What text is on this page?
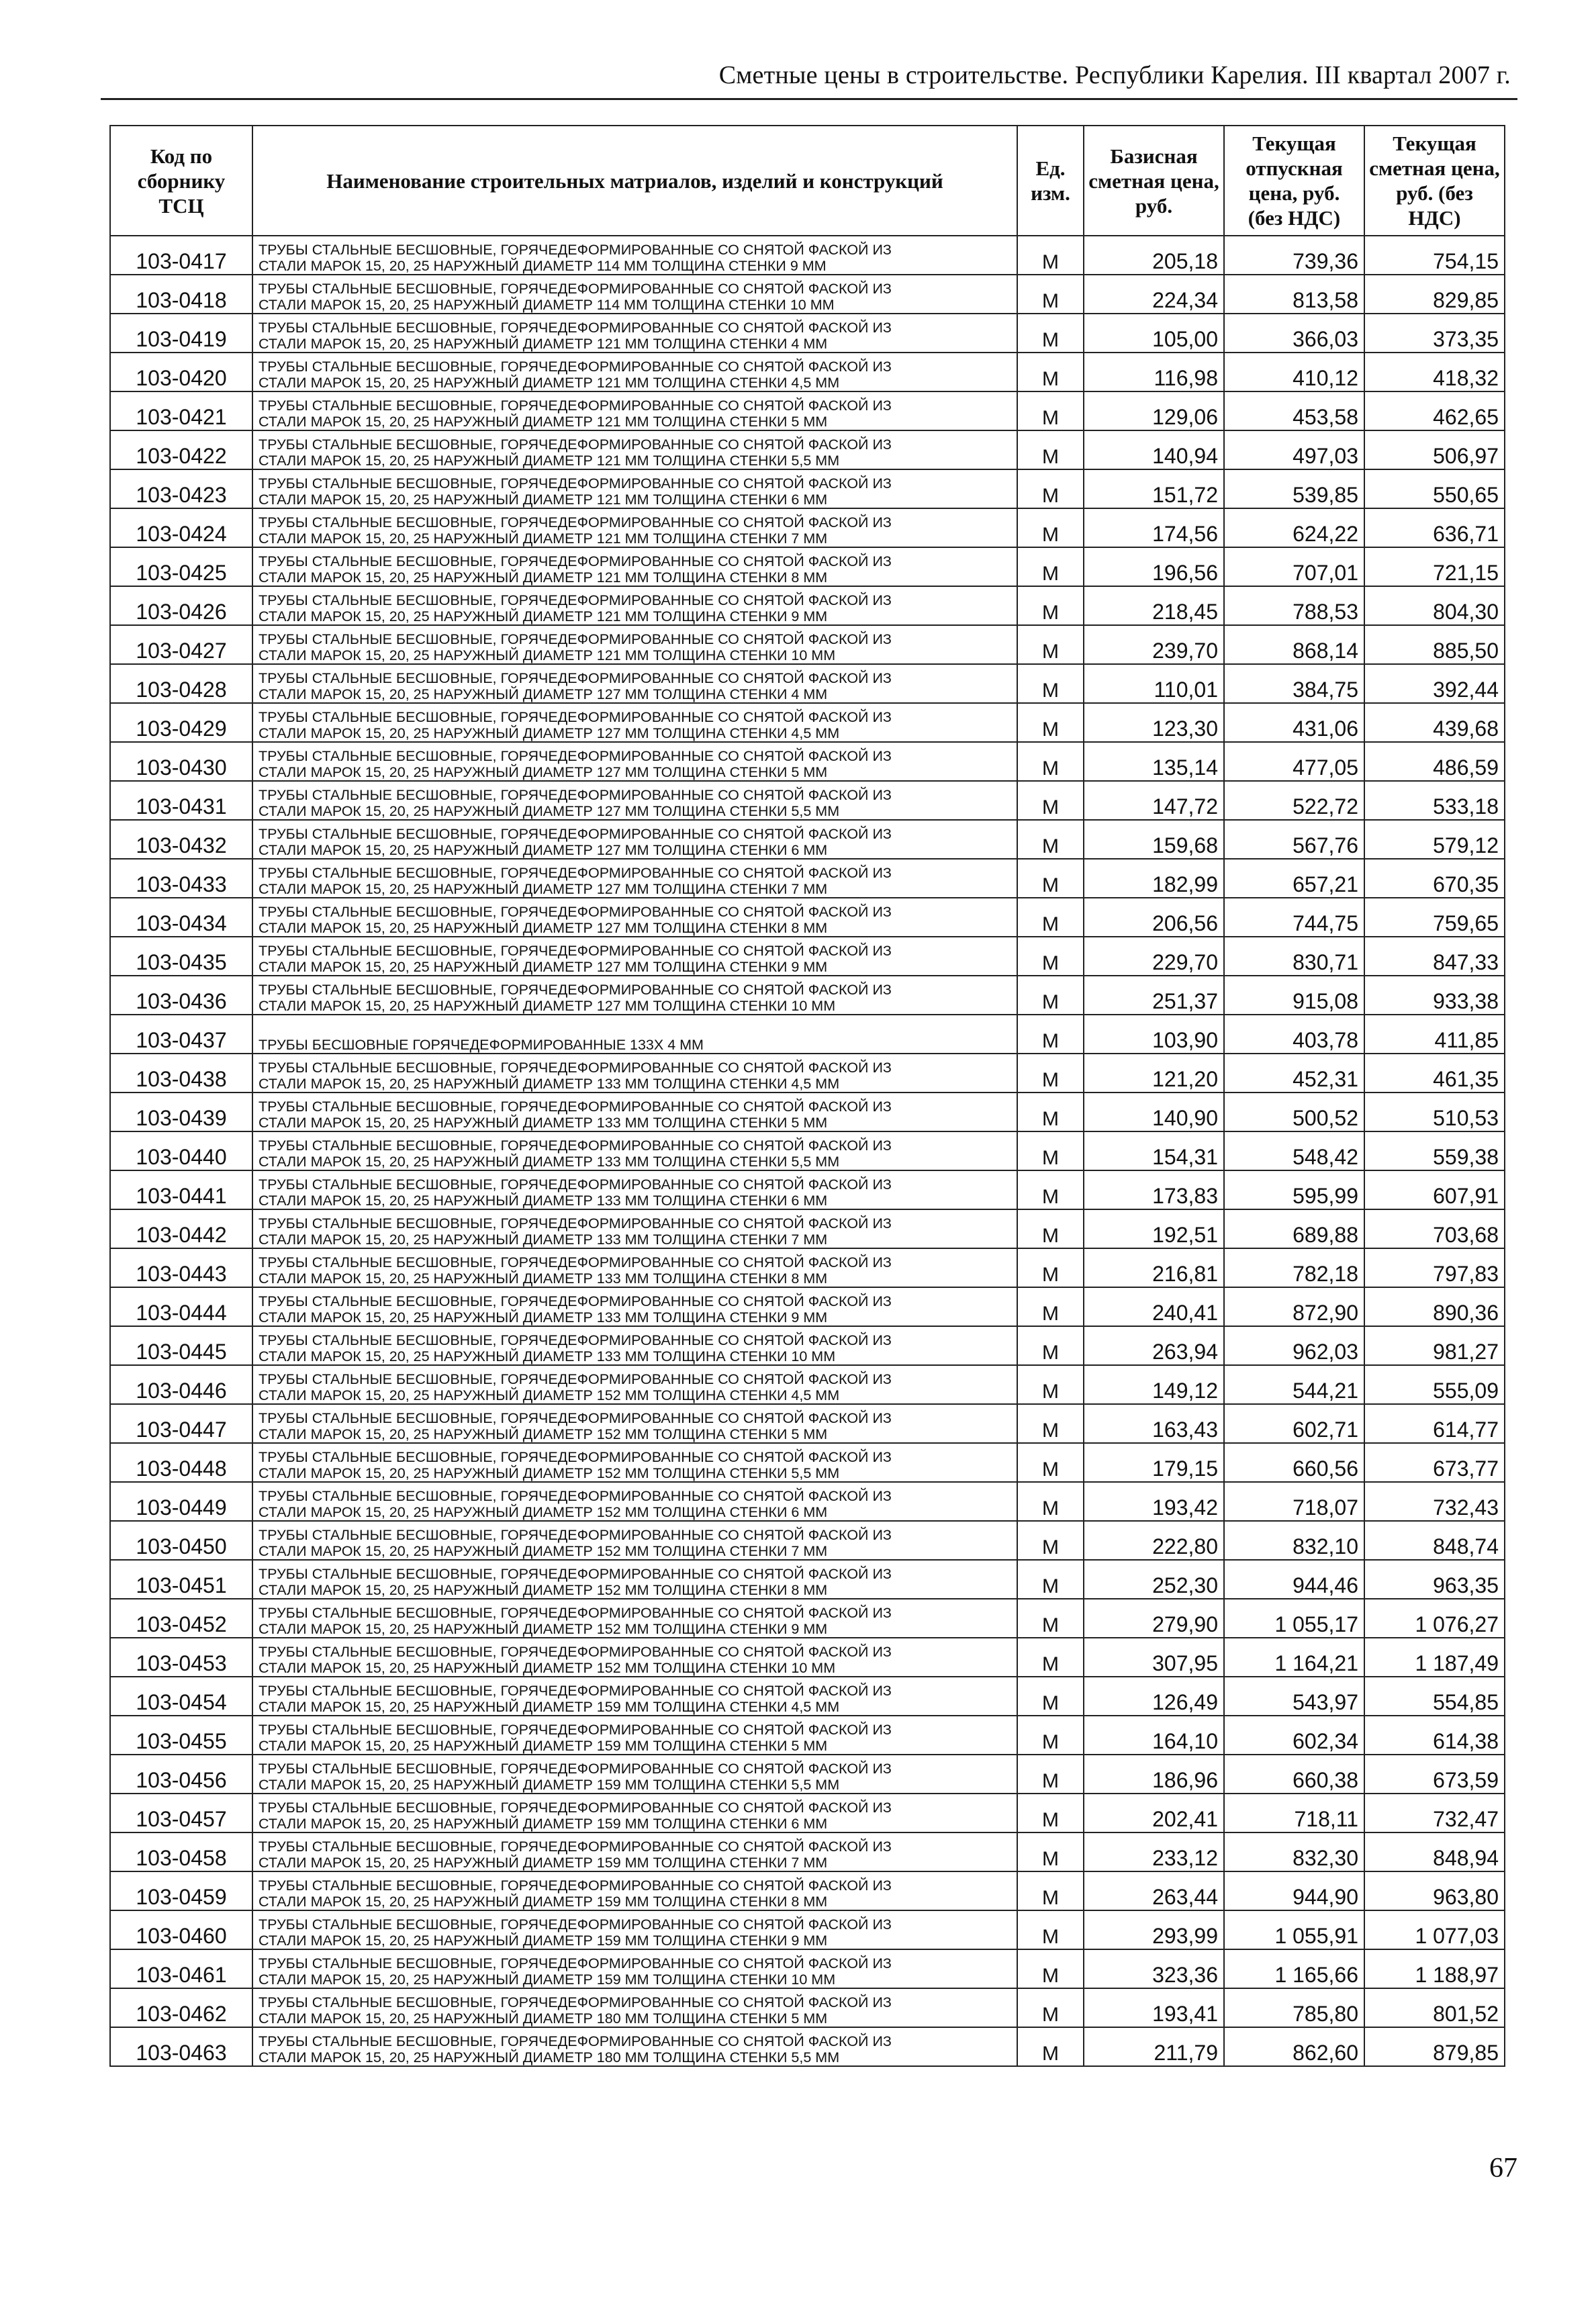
Сметные цены в строительстве. Республики Карелия. III квартал 2007 г.
Код по сборнику ТСЦ	Наименование строительных матриалов, изделий и конструкций	Ед. изм.	Базисная сметная цена, руб.	Текущая отпускная цена, руб. (без НДС)	Текущая сметная цена, руб. (без НДС)
103-0417	ТРУБЫ СТАЛЬНЫЕ БЕСШОВНЫЕ, ГОРЯЧЕДЕФОРМИРОВАННЫЕ СО СНЯТОЙ ФАСКОЙ ИЗ
СТАЛИ МАРОК 15, 20, 25 НАРУЖНЫЙ ДИАМЕТР 114 ММ ТОЛЩИНА СТЕНКИ 9 ММ	М	205,18	739,36	754,15
103-0418	ТРУБЫ СТАЛЬНЫЕ БЕСШОВНЫЕ, ГОРЯЧЕДЕФОРМИРОВАННЫЕ СО СНЯТОЙ ФАСКОЙ ИЗ
СТАЛИ МАРОК 15, 20, 25 НАРУЖНЫЙ ДИАМЕТР 114 ММ ТОЛЩИНА СТЕНКИ 10 ММ	М	224,34	813,58	829,85
103-0419	ТРУБЫ СТАЛЬНЫЕ БЕСШОВНЫЕ, ГОРЯЧЕДЕФОРМИРОВАННЫЕ СО СНЯТОЙ ФАСКОЙ ИЗ
СТАЛИ МАРОК 15, 20, 25 НАРУЖНЫЙ ДИАМЕТР 121 ММ ТОЛЩИНА СТЕНКИ 4 ММ	М	105,00	366,03	373,35
103-0420	ТРУБЫ СТАЛЬНЫЕ БЕСШОВНЫЕ, ГОРЯЧЕДЕФОРМИРОВАННЫЕ СО СНЯТОЙ ФАСКОЙ ИЗ
СТАЛИ МАРОК 15, 20, 25 НАРУЖНЫЙ ДИАМЕТР 121 ММ ТОЛЩИНА СТЕНКИ 4,5 ММ	М	116,98	410,12	418,32
103-0421	ТРУБЫ СТАЛЬНЫЕ БЕСШОВНЫЕ, ГОРЯЧЕДЕФОРМИРОВАННЫЕ СО СНЯТОЙ ФАСКОЙ ИЗ
СТАЛИ МАРОК 15, 20, 25 НАРУЖНЫЙ ДИАМЕТР 121 ММ ТОЛЩИНА СТЕНКИ 5 ММ	М	129,06	453,58	462,65
103-0422	ТРУБЫ СТАЛЬНЫЕ БЕСШОВНЫЕ, ГОРЯЧЕДЕФОРМИРОВАННЫЕ СО СНЯТОЙ ФАСКОЙ ИЗ
СТАЛИ МАРОК 15, 20, 25 НАРУЖНЫЙ ДИАМЕТР 121 ММ ТОЛЩИНА СТЕНКИ 5,5 ММ	М	140,94	497,03	506,97
103-0423	ТРУБЫ СТАЛЬНЫЕ БЕСШОВНЫЕ, ГОРЯЧЕДЕФОРМИРОВАННЫЕ СО СНЯТОЙ ФАСКОЙ ИЗ
СТАЛИ МАРОК 15, 20, 25 НАРУЖНЫЙ ДИАМЕТР 121 ММ ТОЛЩИНА СТЕНКИ 6 ММ	М	151,72	539,85	550,65
103-0424	ТРУБЫ СТАЛЬНЫЕ БЕСШОВНЫЕ, ГОРЯЧЕДЕФОРМИРОВАННЫЕ СО СНЯТОЙ ФАСКОЙ ИЗ
СТАЛИ МАРОК 15, 20, 25 НАРУЖНЫЙ ДИАМЕТР 121 ММ ТОЛЩИНА СТЕНКИ 7 ММ	М	174,56	624,22	636,71
103-0425	ТРУБЫ СТАЛЬНЫЕ БЕСШОВНЫЕ, ГОРЯЧЕДЕФОРМИРОВАННЫЕ СО СНЯТОЙ ФАСКОЙ ИЗ
СТАЛИ МАРОК 15, 20, 25 НАРУЖНЫЙ ДИАМЕТР 121 ММ ТОЛЩИНА СТЕНКИ 8 ММ	М	196,56	707,01	721,15
103-0426	ТРУБЫ СТАЛЬНЫЕ БЕСШОВНЫЕ, ГОРЯЧЕДЕФОРМИРОВАННЫЕ СО СНЯТОЙ ФАСКОЙ ИЗ
СТАЛИ МАРОК 15, 20, 25 НАРУЖНЫЙ ДИАМЕТР 121 ММ ТОЛЩИНА СТЕНКИ 9 ММ	М	218,45	788,53	804,30
103-0427	ТРУБЫ СТАЛЬНЫЕ БЕСШОВНЫЕ, ГОРЯЧЕДЕФОРМИРОВАННЫЕ СО СНЯТОЙ ФАСКОЙ ИЗ
СТАЛИ МАРОК 15, 20, 25 НАРУЖНЫЙ ДИАМЕТР 121 ММ ТОЛЩИНА СТЕНКИ 10 ММ	М	239,70	868,14	885,50
103-0428	ТРУБЫ СТАЛЬНЫЕ БЕСШОВНЫЕ, ГОРЯЧЕДЕФОРМИРОВАННЫЕ СО СНЯТОЙ ФАСКОЙ ИЗ
СТАЛИ МАРОК 15, 20, 25 НАРУЖНЫЙ ДИАМЕТР 127 ММ ТОЛЩИНА СТЕНКИ 4 ММ	М	110,01	384,75	392,44
103-0429	ТРУБЫ СТАЛЬНЫЕ БЕСШОВНЫЕ, ГОРЯЧЕДЕФОРМИРОВАННЫЕ СО СНЯТОЙ ФАСКОЙ ИЗ
СТАЛИ МАРОК 15, 20, 25 НАРУЖНЫЙ ДИАМЕТР 127 ММ ТОЛЩИНА СТЕНКИ 4,5 ММ	М	123,30	431,06	439,68
103-0430	ТРУБЫ СТАЛЬНЫЕ БЕСШОВНЫЕ, ГОРЯЧЕДЕФОРМИРОВАННЫЕ СО СНЯТОЙ ФАСКОЙ ИЗ
СТАЛИ МАРОК 15, 20, 25 НАРУЖНЫЙ ДИАМЕТР 127 ММ ТОЛЩИНА СТЕНКИ 5 ММ	М	135,14	477,05	486,59
103-0431	ТРУБЫ СТАЛЬНЫЕ БЕСШОВНЫЕ, ГОРЯЧЕДЕФОРМИРОВАННЫЕ СО СНЯТОЙ ФАСКОЙ ИЗ
СТАЛИ МАРОК 15, 20, 25 НАРУЖНЫЙ ДИАМЕТР 127 ММ ТОЛЩИНА СТЕНКИ 5,5 ММ	М	147,72	522,72	533,18
103-0432	ТРУБЫ СТАЛЬНЫЕ БЕСШОВНЫЕ, ГОРЯЧЕДЕФОРМИРОВАННЫЕ СО СНЯТОЙ ФАСКОЙ ИЗ
СТАЛИ МАРОК 15, 20, 25 НАРУЖНЫЙ ДИАМЕТР 127 ММ ТОЛЩИНА СТЕНКИ 6 ММ	М	159,68	567,76	579,12
103-0433	ТРУБЫ СТАЛЬНЫЕ БЕСШОВНЫЕ, ГОРЯЧЕДЕФОРМИРОВАННЫЕ СО СНЯТОЙ ФАСКОЙ ИЗ
СТАЛИ МАРОК 15, 20, 25 НАРУЖНЫЙ ДИАМЕТР 127 ММ ТОЛЩИНА СТЕНКИ 7 ММ	М	182,99	657,21	670,35
103-0434	ТРУБЫ СТАЛЬНЫЕ БЕСШОВНЫЕ, ГОРЯЧЕДЕФОРМИРОВАННЫЕ СО СНЯТОЙ ФАСКОЙ ИЗ
СТАЛИ МАРОК 15, 20, 25 НАРУЖНЫЙ ДИАМЕТР 127 ММ ТОЛЩИНА СТЕНКИ 8 ММ	М	206,56	744,75	759,65
103-0435	ТРУБЫ СТАЛЬНЫЕ БЕСШОВНЫЕ, ГОРЯЧЕДЕФОРМИРОВАННЫЕ СО СНЯТОЙ ФАСКОЙ ИЗ
СТАЛИ МАРОК 15, 20, 25 НАРУЖНЫЙ ДИАМЕТР 127 ММ ТОЛЩИНА СТЕНКИ 9 ММ	М	229,70	830,71	847,33
103-0436	ТРУБЫ СТАЛЬНЫЕ БЕСШОВНЫЕ, ГОРЯЧЕДЕФОРМИРОВАННЫЕ СО СНЯТОЙ ФАСКОЙ ИЗ
СТАЛИ МАРОК 15, 20, 25 НАРУЖНЫЙ ДИАМЕТР 127 ММ ТОЛЩИНА СТЕНКИ 10 ММ	М	251,37	915,08	933,38
103-0437	ТРУБЫ БЕСШОВНЫЕ ГОРЯЧЕДЕФОРМИРОВАННЫЕ 133Х 4 ММ	М	103,90	403,78	411,85
103-0438	ТРУБЫ СТАЛЬНЫЕ БЕСШОВНЫЕ, ГОРЯЧЕДЕФОРМИРОВАННЫЕ СО СНЯТОЙ ФАСКОЙ ИЗ
СТАЛИ МАРОК 15, 20, 25 НАРУЖНЫЙ ДИАМЕТР 133 ММ ТОЛЩИНА СТЕНКИ 4,5 ММ	М	121,20	452,31	461,35
103-0439	ТРУБЫ СТАЛЬНЫЕ БЕСШОВНЫЕ, ГОРЯЧЕДЕФОРМИРОВАННЫЕ СО СНЯТОЙ ФАСКОЙ ИЗ
СТАЛИ МАРОК 15, 20, 25 НАРУЖНЫЙ ДИАМЕТР 133 ММ ТОЛЩИНА СТЕНКИ 5 ММ	М	140,90	500,52	510,53
103-0440	ТРУБЫ СТАЛЬНЫЕ БЕСШОВНЫЕ, ГОРЯЧЕДЕФОРМИРОВАННЫЕ СО СНЯТОЙ ФАСКОЙ ИЗ
СТАЛИ МАРОК 15, 20, 25 НАРУЖНЫЙ ДИАМЕТР 133 ММ ТОЛЩИНА СТЕНКИ 5,5 ММ	М	154,31	548,42	559,38
103-0441	ТРУБЫ СТАЛЬНЫЕ БЕСШОВНЫЕ, ГОРЯЧЕДЕФОРМИРОВАННЫЕ СО СНЯТОЙ ФАСКОЙ ИЗ
СТАЛИ МАРОК 15, 20, 25 НАРУЖНЫЙ ДИАМЕТР 133 ММ ТОЛЩИНА СТЕНКИ 6 ММ	М	173,83	595,99	607,91
103-0442	ТРУБЫ СТАЛЬНЫЕ БЕСШОВНЫЕ, ГОРЯЧЕДЕФОРМИРОВАННЫЕ СО СНЯТОЙ ФАСКОЙ ИЗ
СТАЛИ МАРОК 15, 20, 25 НАРУЖНЫЙ ДИАМЕТР 133 ММ ТОЛЩИНА СТЕНКИ 7 ММ	М	192,51	689,88	703,68
103-0443	ТРУБЫ СТАЛЬНЫЕ БЕСШОВНЫЕ, ГОРЯЧЕДЕФОРМИРОВАННЫЕ СО СНЯТОЙ ФАСКОЙ ИЗ
СТАЛИ МАРОК 15, 20, 25 НАРУЖНЫЙ ДИАМЕТР 133 ММ ТОЛЩИНА СТЕНКИ 8 ММ	М	216,81	782,18	797,83
103-0444	ТРУБЫ СТАЛЬНЫЕ БЕСШОВНЫЕ, ГОРЯЧЕДЕФОРМИРОВАННЫЕ СО СНЯТОЙ ФАСКОЙ ИЗ
СТАЛИ МАРОК 15, 20, 25 НАРУЖНЫЙ ДИАМЕТР 133 ММ ТОЛЩИНА СТЕНКИ 9 ММ	М	240,41	872,90	890,36
103-0445	ТРУБЫ СТАЛЬНЫЕ БЕСШОВНЫЕ, ГОРЯЧЕДЕФОРМИРОВАННЫЕ СО СНЯТОЙ ФАСКОЙ ИЗ
СТАЛИ МАРОК 15, 20, 25 НАРУЖНЫЙ ДИАМЕТР 133 ММ ТОЛЩИНА СТЕНКИ 10 ММ	М	263,94	962,03	981,27
103-0446	ТРУБЫ СТАЛЬНЫЕ БЕСШОВНЫЕ, ГОРЯЧЕДЕФОРМИРОВАННЫЕ СО СНЯТОЙ ФАСКОЙ ИЗ
СТАЛИ МАРОК 15, 20, 25 НАРУЖНЫЙ ДИАМЕТР 152 ММ ТОЛЩИНА СТЕНКИ 4,5 ММ	М	149,12	544,21	555,09
103-0447	ТРУБЫ СТАЛЬНЫЕ БЕСШОВНЫЕ, ГОРЯЧЕДЕФОРМИРОВАННЫЕ СО СНЯТОЙ ФАСКОЙ ИЗ
СТАЛИ МАРОК 15, 20, 25 НАРУЖНЫЙ ДИАМЕТР 152 ММ ТОЛЩИНА СТЕНКИ 5 ММ	М	163,43	602,71	614,77
103-0448	ТРУБЫ СТАЛЬНЫЕ БЕСШОВНЫЕ, ГОРЯЧЕДЕФОРМИРОВАННЫЕ СО СНЯТОЙ ФАСКОЙ ИЗ
СТАЛИ МАРОК 15, 20, 25 НАРУЖНЫЙ ДИАМЕТР 152 ММ ТОЛЩИНА СТЕНКИ 5,5 ММ	М	179,15	660,56	673,77
103-0449	ТРУБЫ СТАЛЬНЫЕ БЕСШОВНЫЕ, ГОРЯЧЕДЕФОРМИРОВАННЫЕ СО СНЯТОЙ ФАСКОЙ ИЗ
СТАЛИ МАРОК 15, 20, 25 НАРУЖНЫЙ ДИАМЕТР 152 ММ ТОЛЩИНА СТЕНКИ 6 ММ	М	193,42	718,07	732,43
103-0450	ТРУБЫ СТАЛЬНЫЕ БЕСШОВНЫЕ, ГОРЯЧЕДЕФОРМИРОВАННЫЕ СО СНЯТОЙ ФАСКОЙ ИЗ
СТАЛИ МАРОК 15, 20, 25 НАРУЖНЫЙ ДИАМЕТР 152 ММ ТОЛЩИНА СТЕНКИ 7 ММ	М	222,80	832,10	848,74
103-0451	ТРУБЫ СТАЛЬНЫЕ БЕСШОВНЫЕ, ГОРЯЧЕДЕФОРМИРОВАННЫЕ СО СНЯТОЙ ФАСКОЙ ИЗ
СТАЛИ МАРОК 15, 20, 25 НАРУЖНЫЙ ДИАМЕТР 152 ММ ТОЛЩИНА СТЕНКИ 8 ММ	М	252,30	944,46	963,35
103-0452	ТРУБЫ СТАЛЬНЫЕ БЕСШОВНЫЕ, ГОРЯЧЕДЕФОРМИРОВАННЫЕ СО СНЯТОЙ ФАСКОЙ ИЗ
СТАЛИ МАРОК 15, 20, 25 НАРУЖНЫЙ ДИАМЕТР 152 ММ ТОЛЩИНА СТЕНКИ 9 ММ	М	279,90	1 055,17	1 076,27
103-0453	ТРУБЫ СТАЛЬНЫЕ БЕСШОВНЫЕ, ГОРЯЧЕДЕФОРМИРОВАННЫЕ СО СНЯТОЙ ФАСКОЙ ИЗ
СТАЛИ МАРОК 15, 20, 25 НАРУЖНЫЙ ДИАМЕТР 152 ММ ТОЛЩИНА СТЕНКИ 10 ММ	М	307,95	1 164,21	1 187,49
103-0454	ТРУБЫ СТАЛЬНЫЕ БЕСШОВНЫЕ, ГОРЯЧЕДЕФОРМИРОВАННЫЕ СО СНЯТОЙ ФАСКОЙ ИЗ
СТАЛИ МАРОК 15, 20, 25 НАРУЖНЫЙ ДИАМЕТР 159 ММ ТОЛЩИНА СТЕНКИ 4,5 ММ	М	126,49	543,97	554,85
103-0455	ТРУБЫ СТАЛЬНЫЕ БЕСШОВНЫЕ, ГОРЯЧЕДЕФОРМИРОВАННЫЕ СО СНЯТОЙ ФАСКОЙ ИЗ
СТАЛИ МАРОК 15, 20, 25 НАРУЖНЫЙ ДИАМЕТР 159 ММ ТОЛЩИНА СТЕНКИ 5 ММ	М	164,10	602,34	614,38
103-0456	ТРУБЫ СТАЛЬНЫЕ БЕСШОВНЫЕ, ГОРЯЧЕДЕФОРМИРОВАННЫЕ СО СНЯТОЙ ФАСКОЙ ИЗ
СТАЛИ МАРОК 15, 20, 25 НАРУЖНЫЙ ДИАМЕТР 159 ММ ТОЛЩИНА СТЕНКИ 5,5 ММ	М	186,96	660,38	673,59
103-0457	ТРУБЫ СТАЛЬНЫЕ БЕСШОВНЫЕ, ГОРЯЧЕДЕФОРМИРОВАННЫЕ СО СНЯТОЙ ФАСКОЙ ИЗ
СТАЛИ МАРОК 15, 20, 25 НАРУЖНЫЙ ДИАМЕТР 159 ММ ТОЛЩИНА СТЕНКИ 6 ММ	М	202,41	718,11	732,47
103-0458	ТРУБЫ СТАЛЬНЫЕ БЕСШОВНЫЕ, ГОРЯЧЕДЕФОРМИРОВАННЫЕ СО СНЯТОЙ ФАСКОЙ ИЗ
СТАЛИ МАРОК 15, 20, 25 НАРУЖНЫЙ ДИАМЕТР 159 ММ ТОЛЩИНА СТЕНКИ 7 ММ	М	233,12	832,30	848,94
103-0459	ТРУБЫ СТАЛЬНЫЕ БЕСШОВНЫЕ, ГОРЯЧЕДЕФОРМИРОВАННЫЕ СО СНЯТОЙ ФАСКОЙ ИЗ
СТАЛИ МАРОК 15, 20, 25 НАРУЖНЫЙ ДИАМЕТР 159 ММ ТОЛЩИНА СТЕНКИ 8 ММ	М	263,44	944,90	963,80
103-0460	ТРУБЫ СТАЛЬНЫЕ БЕСШОВНЫЕ, ГОРЯЧЕДЕФОРМИРОВАННЫЕ СО СНЯТОЙ ФАСКОЙ ИЗ
СТАЛИ МАРОК 15, 20, 25 НАРУЖНЫЙ ДИАМЕТР 159 ММ ТОЛЩИНА СТЕНКИ 9 ММ	М	293,99	1 055,91	1 077,03
103-0461	ТРУБЫ СТАЛЬНЫЕ БЕСШОВНЫЕ, ГОРЯЧЕДЕФОРМИРОВАННЫЕ СО СНЯТОЙ ФАСКОЙ ИЗ
СТАЛИ МАРОК 15, 20, 25 НАРУЖНЫЙ ДИАМЕТР 159 ММ ТОЛЩИНА СТЕНКИ 10 ММ	М	323,36	1 165,66	1 188,97
103-0462	ТРУБЫ СТАЛЬНЫЕ БЕСШОВНЫЕ, ГОРЯЧЕДЕФОРМИРОВАННЫЕ СО СНЯТОЙ ФАСКОЙ ИЗ
СТАЛИ МАРОК 15, 20, 25 НАРУЖНЫЙ ДИАМЕТР 180 ММ ТОЛЩИНА СТЕНКИ 5 ММ	М	193,41	785,80	801,52
103-0463	ТРУБЫ СТАЛЬНЫЕ БЕСШОВНЫЕ, ГОРЯЧЕДЕФОРМИРОВАННЫЕ СО СНЯТОЙ ФАСКОЙ ИЗ
СТАЛИ МАРОК 15, 20, 25 НАРУЖНЫЙ ДИАМЕТР 180 ММ ТОЛЩИНА СТЕНКИ 5,5 ММ	М	211,79	862,60	879,85
67
